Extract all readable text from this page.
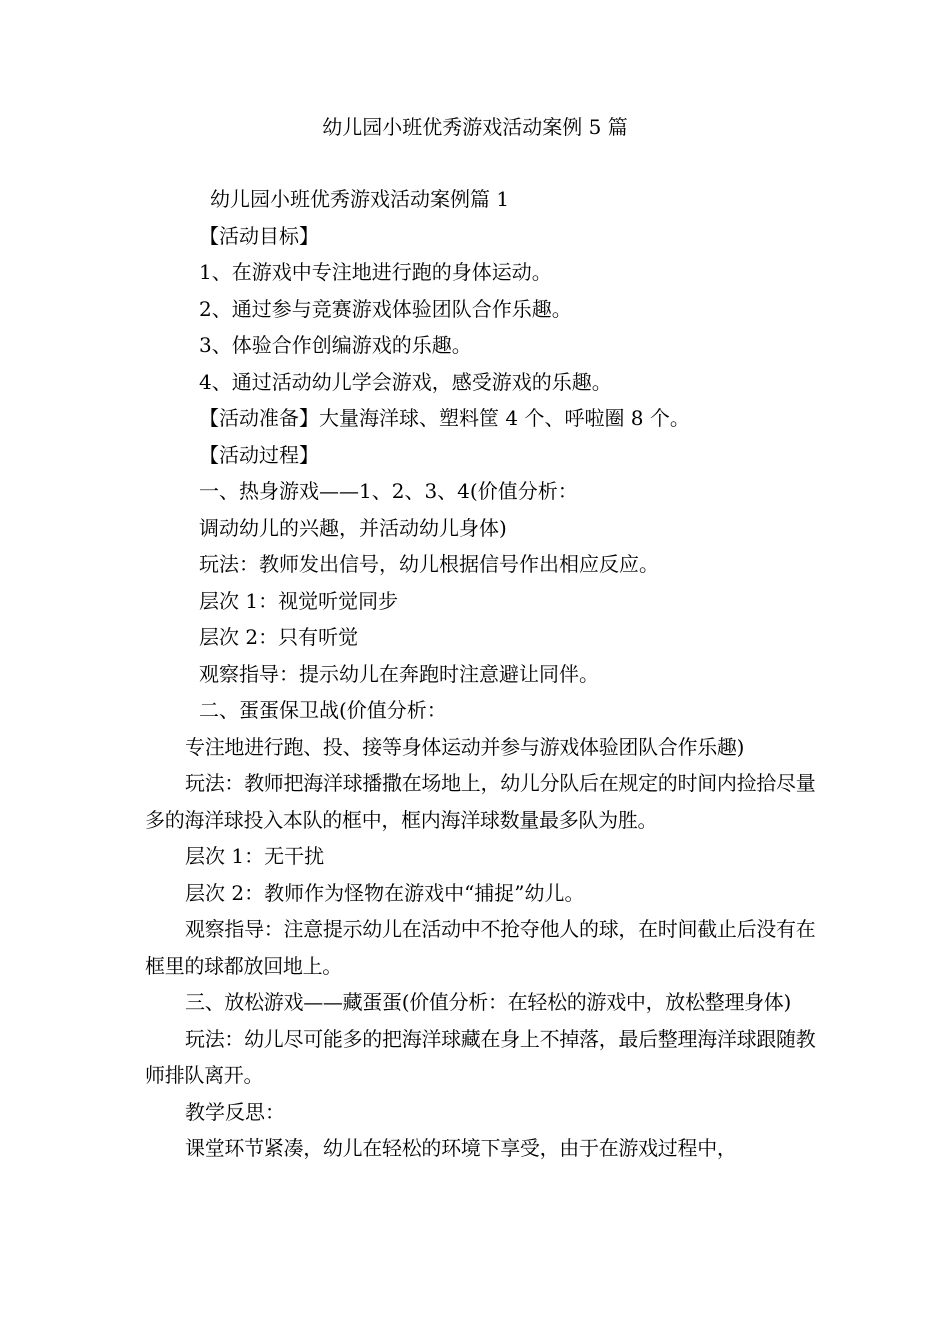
幼儿园小班优秀游戏活动案例 5 篇
幼儿园小班优秀游戏活动案例篇 1
【活动目标】
1、在游戏中专注地进行跑的身体运动。
2、通过参与竞赛游戏体验团队合作乐趣。
3、体验合作创编游戏的乐趣。
4、通过活动幼儿学会游戏，感受游戏的乐趣。
【活动准备】大量海洋球、塑料筐 4 个、呼啦圈 8 个。
【活动过程】
一、热身游戏——1、2、3、4(价值分析：
调动幼儿的兴趣，并活动幼儿身体)
玩法：教师发出信号，幼儿根据信号作出相应反应。
层次 1：视觉听觉同步
层次 2：只有听觉
观察指导：提示幼儿在奔跑时注意避让同伴。
二、蛋蛋保卫战(价值分析：
专注地进行跑、投、接等身体运动并参与游戏体验团队合作乐趣)
玩法：教师把海洋球播撒在场地上，幼儿分队后在规定的时间内捡拾尽量多的海洋球投入本队的框中，框内海洋球数量最多队为胜。
层次 1：无干扰
层次 2：教师作为怪物在游戏中“捕捉”幼儿。
观察指导：注意提示幼儿在活动中不抢夺他人的球，在时间截止后没有在框里的球都放回地上。
三、放松游戏——藏蛋蛋(价值分析：在轻松的游戏中，放松整理身体)
玩法：幼儿尽可能多的把海洋球藏在身上不掉落，最后整理海洋球跟随教师排队离开。
教学反思：
课堂环节紧凑，幼儿在轻松的环境下享受，由于在游戏过程中，
